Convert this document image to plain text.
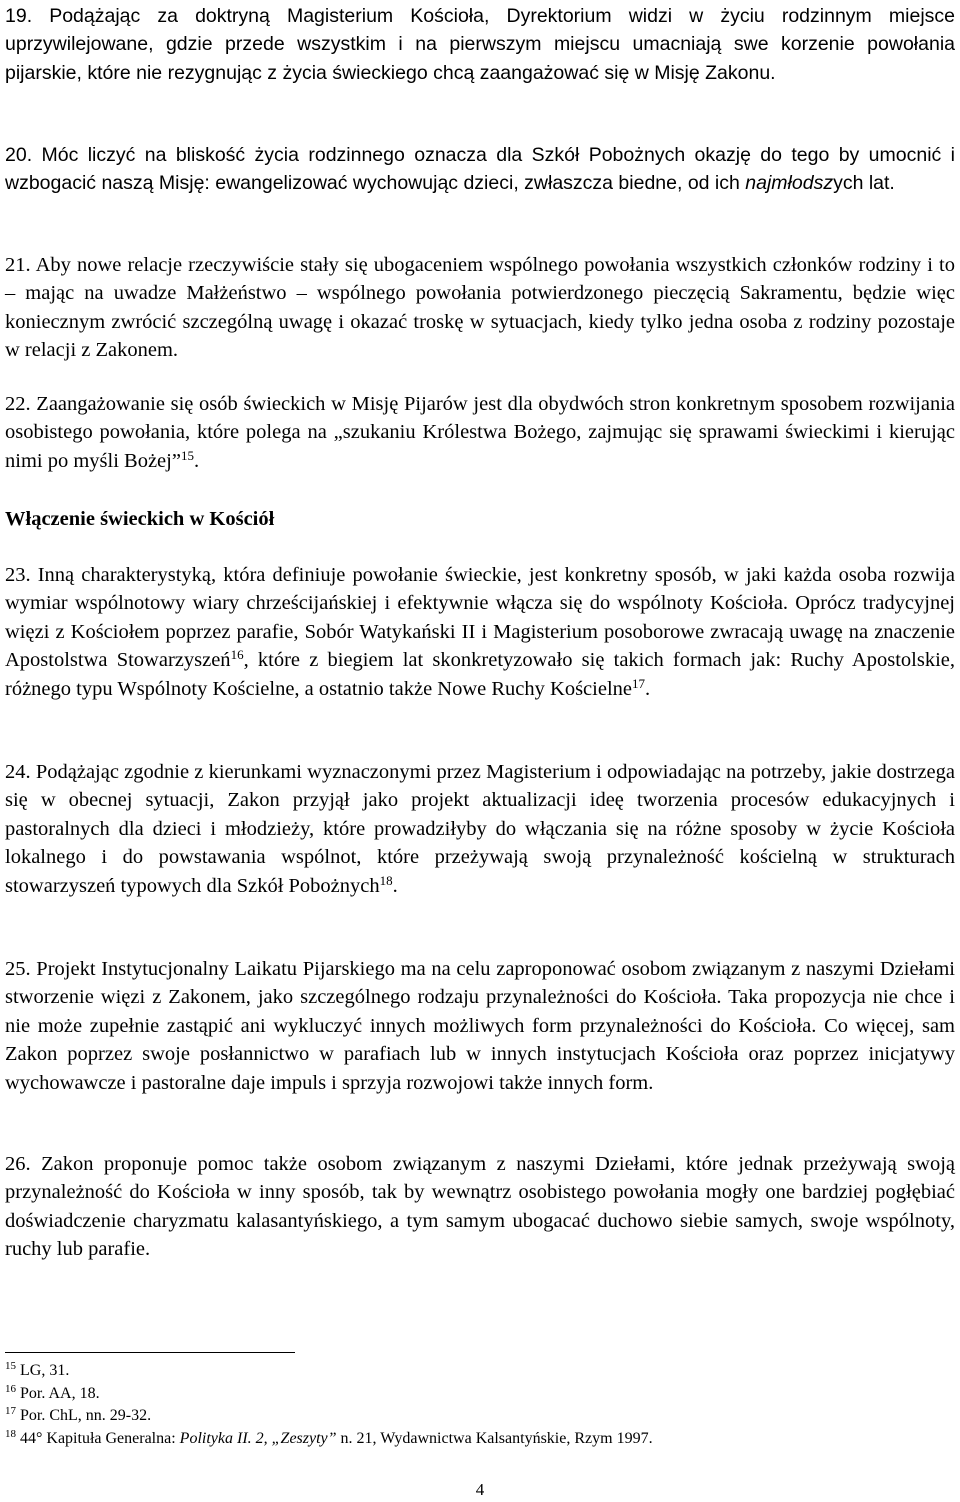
19. Podążając za doktryną Magisterium Kościoła, Dyrektorium widzi w życiu rodzinnym miejsce uprzywilejowane, gdzie przede wszystkim i na pierwszym miejscu umacniają swe korzenie powołania pijarskie, które nie rezygnując z życia świeckiego chcą zaangażować się w Misję Zakonu.

20. Móc liczyć na bliskość życia rodzinnego oznacza dla Szkół Pobożnych okazję do tego by umocnić i wzbogacić naszą Misję: ewangelizować wychowując dzieci, zwłaszcza biedne, od ich najmłodszych lat.

21. Aby nowe relacje rzeczywiście stały się ubogaceniem wspólnego powołania wszystkich członków rodziny i to – mając na uwadze Małżeństwo – wspólnego powołania potwierdzonego pieczęcią Sakramentu, będzie więc koniecznym zwrócić szczególną uwagę i okazać troskę w sytuacjach, kiedy tylko jedna osoba z rodziny pozostaje w relacji z Zakonem.

22. Zaangażowanie się osób świeckich w Misję Pijarów jest dla obydwóch stron konkretnym sposobem rozwijania osobistego powołania, które polega na „szukaniu Królestwa Bożego, zajmując się sprawami świeckimi i kierując nimi po myśli Bożej”$^{15}$.

Włączenie świeckich w Kościół

23. Inną charakterystyką, która definiuje powołanie świeckie, jest konkretny sposób, w jaki każda osoba rozwija wymiar wspólnotowy wiary chrześcijańskiej i efektywnie włącza się do wspólnoty Kościoła. Oprócz tradycyjnej więzi z Kościołem poprzez parafie, Sobór Watykański II i Magisterium posoborowe zwracają uwagę na znaczenie Apostolstwa Stowarzyszeń$^{16}$, które z biegiem lat skonkretyzowało się takich formach jak: Ruchy Apostolskie, różnego typu Wspólnoty Kościelne, a ostatnio także Nowe Ruchy Kościelne$^{17}$.

24. Podążając zgodnie z kierunkami wyznaczonymi przez Magisterium i odpowiadając na potrzeby, jakie dostrzega się w obecnej sytuacji, Zakon przyjął jako projekt aktualizacji ideę tworzenia procesów edukacyjnych i pastoralnych dla dzieci i młodzieży, które prowadziłyby do włączania się na różne sposoby w życie Kościoła lokalnego i do powstawania wspólnot, które przeżywają swoją przynależność kościelną w strukturach stowarzyszeń typowych dla Szkół Pobożnych$^{18}$.

25. Projekt Instytucjonalny Laikatu Pijarskiego ma na celu zaproponować osobom związanym z naszymi Dziełami stworzenie więzi z Zakonem, jako szczególnego rodzaju przynależności do Kościoła. Taka propozycja nie chce i nie może zupełnie zastąpić ani wykluczyć innych możliwych form przynależności do Kościoła. Co więcej, sam Zakon poprzez swoje posłannictwo w parafiach lub w innych instytucjach Kościoła oraz poprzez inicjatywy wychowawcze i pastoralne daje impuls i sprzyja rozwojowi także innych form.

26. Zakon proponuje pomoc także osobom związanym z naszymi Dziełami, które jednak przeżywają swoją przynależność do Kościoła w inny sposób, tak by wewnątrz osobistego powołania mogły one bardziej pogłębiać doświadczenie charyzmatu kalasantyńskiego, a tym samym ubogacać duchowo siebie samych, swoje wspólnoty, ruchy lub parafie.

$^{15}$ LG, 31.
$^{16}$ Por. AA, 18.
$^{17}$ Por. ChL, nn. 29-32.
$^{18}$ 44° Kapituła Generalna: Polityka II. 2, „Zeszyty” n. 21, Wydawnictwa Kalsantyńskie, Rzym 1997.
4
